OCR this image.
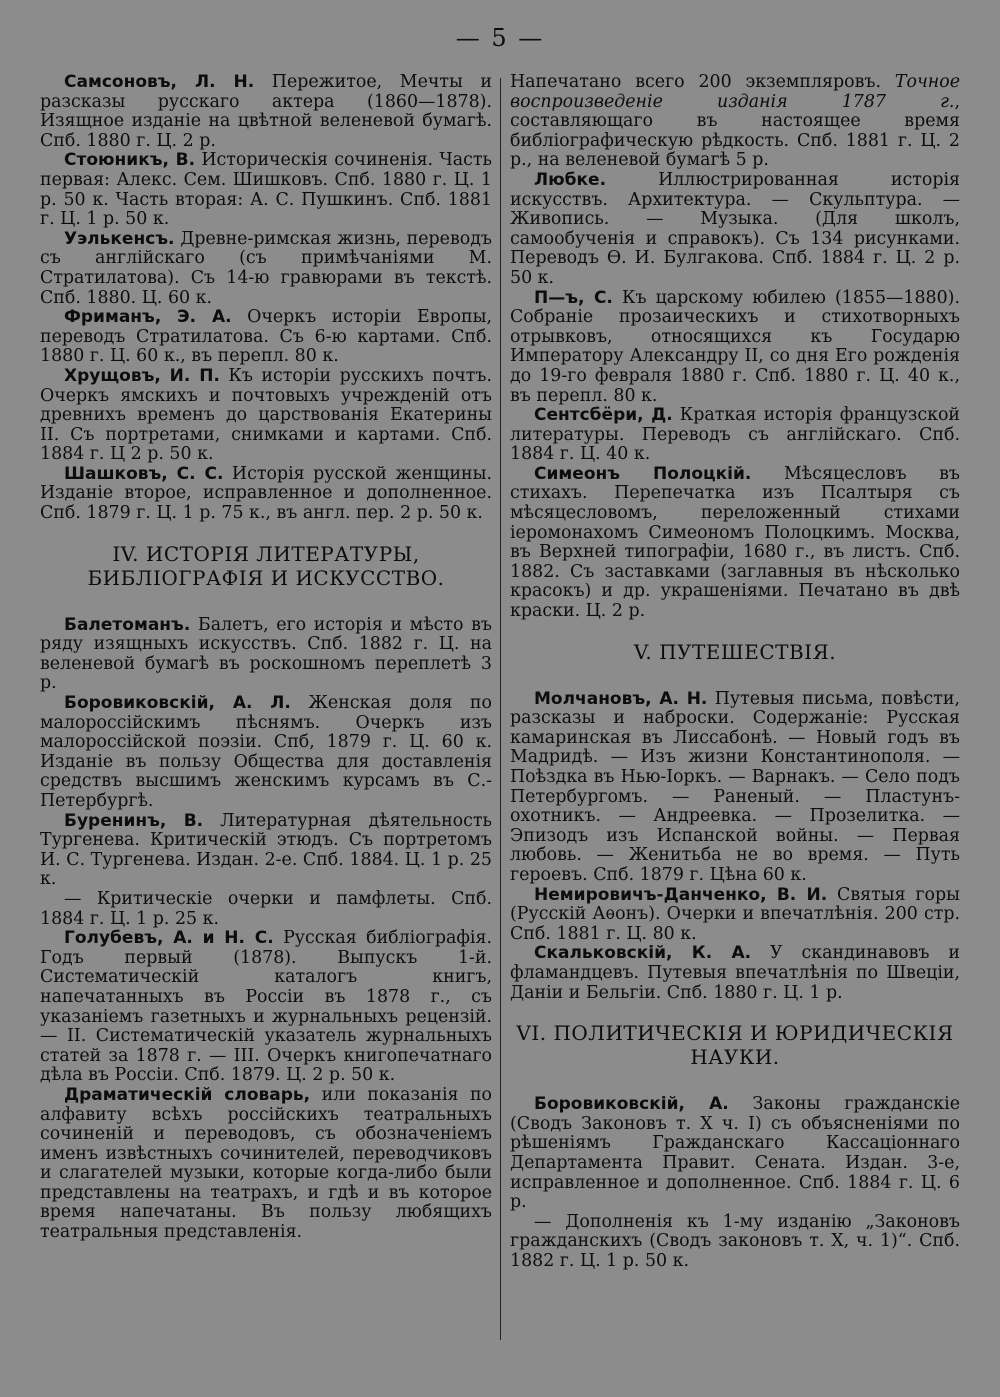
— 5 —

Самсоновъ, Л. Н. Пережитое, Мечты и разсказы русскаго актера (1860—1878). Изящное изданіе на цвѣтной веленевой бумагѣ. Спб. 1880 г. Ц. 2 р.

Стоюникъ, В. Историческія сочиненія. Часть первая: Алекс. Сем. Шишковъ. Спб. 1880 г. Ц. 1 р. 50 к. Часть вторая: А. С. Пушкинъ. Спб. 1881 г. Ц. 1 р. 50 к.

Уэлькенсъ. Древне-римская жизнь, переводъ съ англійскаго (съ примѣчаніями М. Стратилатова). Съ 14-ю гравюрами въ текстѣ. Спб. 1880. Ц. 60 к.

Фриманъ, Э. А. Очеркъ исторіи Европы, переводъ Стратилатова. Съ 6-ю картами. Спб. 1880 г. Ц. 60 к., въ перепл. 80 к.

Хрущовъ, И. П. Къ исторіи русскихъ почтъ. Очеркъ ямскихъ и почтовыхъ учрежденій отъ древнихъ временъ до царствованія Екатерины II. Съ портретами, снимками и картами. Спб. 1884 г. Ц 2 р. 50 к.

Шашковъ, С. С. Исторія русской женщины. Изданіе второе, исправленное и дополненное. Спб. 1879 г. Ц. 1 р. 75 к., въ англ. пер. 2 р. 50 к.

IV. ИСТОРІЯ ЛИТЕРАТУРЫ, БИБЛІОГРАФІЯ И ИСКУССТВО.

Балетоманъ. Балетъ, его исторія и мѣсто въ ряду изящныхъ искусствъ. Спб. 1882 г. Ц. на веленевой бумагѣ въ роскошномъ переплетѣ 3 р.

Боровиковскій, А. Л. Женская доля по малороссійскимъ пѣснямъ. Очеркъ изъ малороссійской поэзіи. Спб, 1879 г. Ц. 60 к. Изданіе въ пользу Общества для доставленія средствъ высшимъ женскимъ курсамъ въ С.-Петербургѣ.

Буренинъ, В. Литературная дѣятельность Тургенева. Критическій этюдъ. Съ портретомъ И. С. Тургенева. Издан. 2-е. Спб. 1884. Ц. 1 р. 25 к.

— Критическіе очерки и памфлеты. Спб. 1884 г. Ц. 1 р. 25 к.

Голубевъ, А. и Н. С. Русская библіографія. Годъ первый (1878). Выпускъ 1-й. Систематическій каталогъ книгъ, напечатанныхъ въ Россіи въ 1878 г., съ указаніемъ газетныхъ и журнальныхъ рецензій. — II. Систематическій указатель журнальныхъ статей за 1878 г. — III. Очеркъ книгопечатнаго дѣла въ Россіи. Спб. 1879. Ц. 2 р. 50 к.

Драматическій словарь, или показанія по алфавиту всѣхъ россійскихъ театральныхъ сочиненій и переводовъ, съ обозначеніемъ именъ извѣстныхъ сочинителей, переводчиковъ и слагателей музыки, которые когда-либо были представлены на театрахъ, и гдѣ и въ которое время напечатаны. Въ пользу любящихъ театральныя представленія.

Напечатано всего 200 экземпляровъ. Точное воспроизведеніе изданія 1787 г., составляющаго въ настоящее время библіографическую рѣдкость. Спб. 1881 г. Ц. 2 р., на веленевой бумагѣ 5 р.

Любке. Иллюстрированная исторія искусствъ. Архитектура. — Скульптура. — Живопись. — Музыка. (Для школъ, самообученія и справокъ). Съ 134 рисунками. Переводъ Ѳ. И. Булгакова. Спб. 1884 г. Ц. 2 р. 50 к.

П—ъ, С. Къ царскому юбилею (1855—1880). Собраніе прозаическихъ и стихотворныхъ отрывковъ, относящихся къ Государю Императору Александру II, со дня Его рожденія до 19-го февраля 1880 г. Спб. 1880 г. Ц. 40 к., въ перепл. 80 к.

Сентсбёри, Д. Краткая исторія французской литературы. Переводъ съ англійскаго. Спб. 1884 г. Ц. 40 к.

Симеонъ Полоцкій. Мѣсяцесловъ въ стихахъ. Перепечатка изъ Псалтыря съ мѣсяцесловомъ, переложенный стихами іеромонахомъ Симеономъ Полоцкимъ. Москва, въ Верхней типографіи, 1680 г., въ листъ. Спб. 1882. Съ заставками (заглавныя въ нѣсколько красокъ) и др. украшеніями. Печатано въ двѣ краски. Ц. 2 р.

V. ПУТЕШЕСТВІЯ.

Молчановъ, А. Н. Путевыя письма, повѣсти, разсказы и наброски. Содержаніе: Русская камаринская въ Лиссабонѣ. — Новый годъ въ Мадридѣ. — Изъ жизни Константинополя. — Поѣздка въ Нью-Іоркъ. — Варнакъ. — Село подъ Петербургомъ. — Раненый. — Пластунъ-охотникъ. — Андреевка. — Прозелитка. — Эпизодъ изъ Испанской войны. — Первая любовь. — Женитьба не во время. — Путь героевъ. Спб. 1879 г. Цѣна 60 к.

Немировичъ-Данченко, В. И. Святыя горы (Русскій Аѳонъ). Очерки и впечатлѣнія. 200 стр. Спб. 1881 г. Ц. 80 к.

Скальковскій, К. А. У скандинавовъ и фламандцевъ. Путевыя впечатлѣнія по Швеціи, Даніи и Бельгіи. Спб. 1880 г. Ц. 1 р.

VI. ПОЛИТИЧЕСКІЯ И ЮРИДИЧЕСКІЯ НАУКИ.

Боровиковскій, А. Законы гражданскіе (Сводъ Законовъ т. X ч. I) съ объясненіями по рѣшеніямъ Гражданскаго Кассаціоннаго Департамента Правит. Сената. Издан. 3-е, исправленное и дополненное. Спб. 1884 г. Ц. 6 р.

— Дополненія къ 1-му изданію „Законовъ гражданскихъ (Сводъ законовъ т. X, ч. 1)“. Спб. 1882 г. Ц. 1 р. 50 к.
